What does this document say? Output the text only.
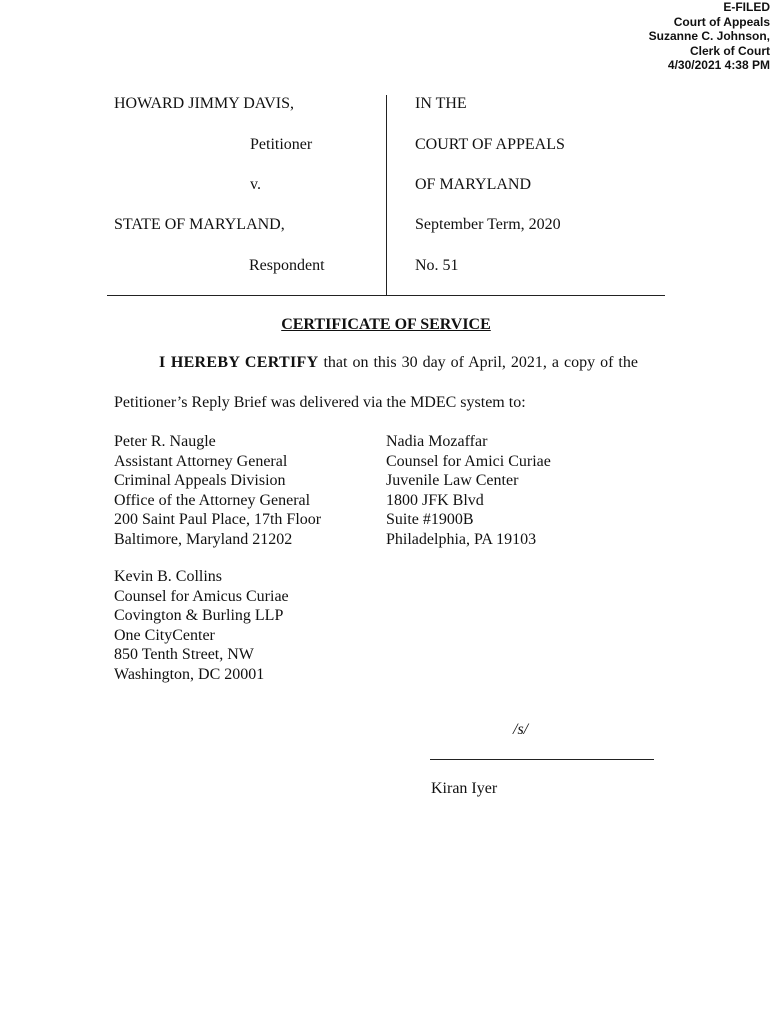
E-FILED
Court of Appeals
Suzanne C. Johnson,
Clerk of Court
4/30/2021 4:38 PM
HOWARD JIMMY DAVIS,
Petitioner
v.
STATE OF MARYLAND,
Respondent
IN THE
COURT OF APPEALS
OF MARYLAND
September Term, 2020
No. 51
CERTIFICATE OF SERVICE
I HEREBY CERTIFY that on this 30 day of April, 2021, a copy of the
Petitioner’s Reply Brief was delivered via the MDEC system to:
Peter R. Naugle
Assistant Attorney General
Criminal Appeals Division
Office of the Attorney General
200 Saint Paul Place, 17th Floor
Baltimore, Maryland 21202
Nadia Mozaffar
Counsel for Amici Curiae
Juvenile Law Center
1800 JFK Blvd
Suite #1900B
Philadelphia, PA 19103
Kevin B. Collins
Counsel for Amicus Curiae
Covington & Burling LLP
One CityCenter
850 Tenth Street, NW
Washington, DC 20001
/s/
Kiran Iyer
